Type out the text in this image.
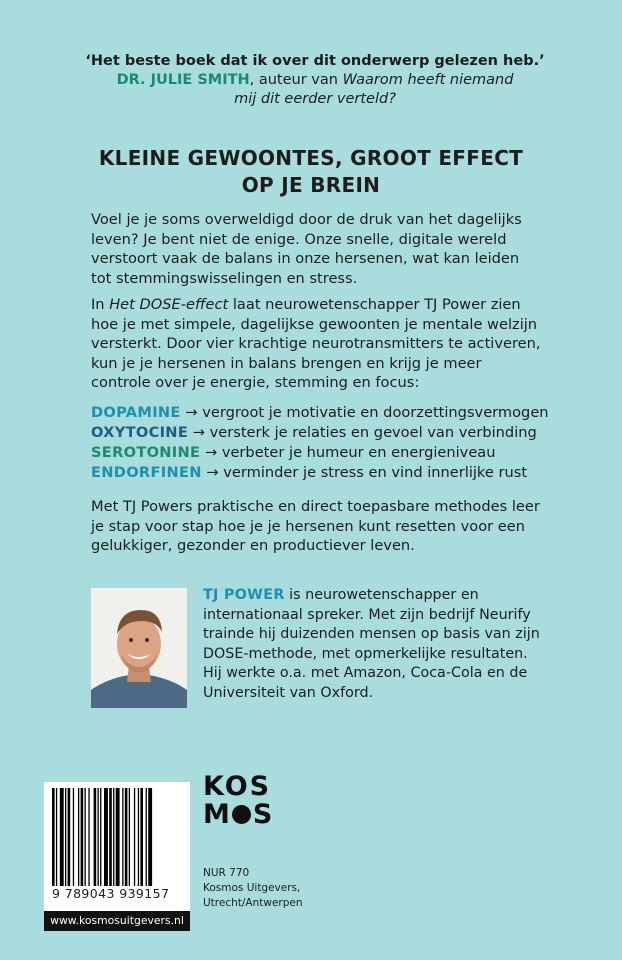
‘Het beste boek dat ik over dit onderwerp gelezen heb.’
DR. JULIE SMITH, auteur van Waarom heeft niemand
mij dit eerder verteld?
KLEINE GEWOONTES, GROOT EFFECT
OP JE BREIN
Voel je je soms overweldigd door de druk van het dagelijks leven? Je bent niet de enige. Onze snelle, digitale wereld verstoort vaak de balans in onze hersenen, wat kan leiden tot stemmingswisselingen en stress.
In Het DOSE-effect laat neurowetenschapper TJ Power zien hoe je met simpele, dagelijkse gewoonten je mentale welzijn versterkt. Door vier krachtige neurotransmitters te activeren, kun je je hersenen in balans brengen en krijg je meer controle over je energie, stemming en focus:
DOPAMINE → vergroot je motivatie en doorzettingsvermogen
OXYTOCINE → versterk je relaties en gevoel van verbinding
SEROTONINE → verbeter je humeur en energieniveau
ENDORFINEN → verminder je stress en vind innerlijke rust
Met TJ Powers praktische en direct toepasbare methodes leer je stap voor stap hoe je je hersenen kunt resetten voor een gelukkiger, gezonder en productiever leven.
TJ POWER is neurowetenschapper en internationaal spreker. Met zijn bedrijf Neurify trainde hij duizenden mensen op basis van zijn DOSE-methode, met opmerkelijke resultaten. Hij werkte o.a. met Amazon, Coca-Cola en de Universiteit van Oxford.
KOS
M S
9 789043 939157
www.kosmosuitgevers.nl
NUR 770
Kosmos Uitgevers,
Utrecht/Antwerpen
